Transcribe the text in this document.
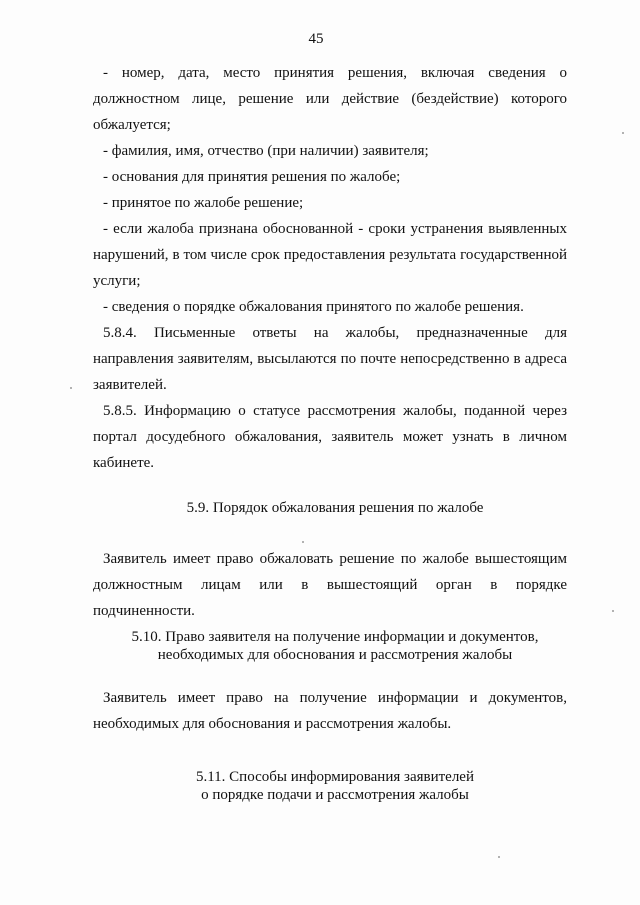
45

- номер, дата, место принятия решения, включая сведения о должностном лице, решение или действие (бездействие) которого обжалуется;

- фамилия, имя, отчество (при наличии) заявителя;

- основания для принятия решения по жалобе;

- принятое по жалобе решение;

- если жалоба признана обоснованной - сроки устранения выявленных нарушений, в том числе срок предоставления результата государственной услуги;

- сведения о порядке обжалования принятого по жалобе решения.

5.8.4. Письменные ответы на жалобы, предназначенные для направления заявителям, высылаются по почте непосредственно в адреса заявителей.

5.8.5. Информацию о статусе рассмотрения жалобы, поданной через портал досудебного обжалования, заявитель может узнать в личном кабинете.

5.9. Порядок обжалования решения по жалобе

Заявитель имеет право обжаловать решение по жалобе вышестоящим должностным лицам или в вышестоящий орган в порядке подчиненности.

5.10. Право заявителя на получение информации и документов,
необходимых для обоснования и рассмотрения жалобы

Заявитель имеет право на получение информации и документов, необходимых для обоснования и рассмотрения жалобы.

5.11. Способы информирования заявителей
о порядке подачи и рассмотрения жалобы
